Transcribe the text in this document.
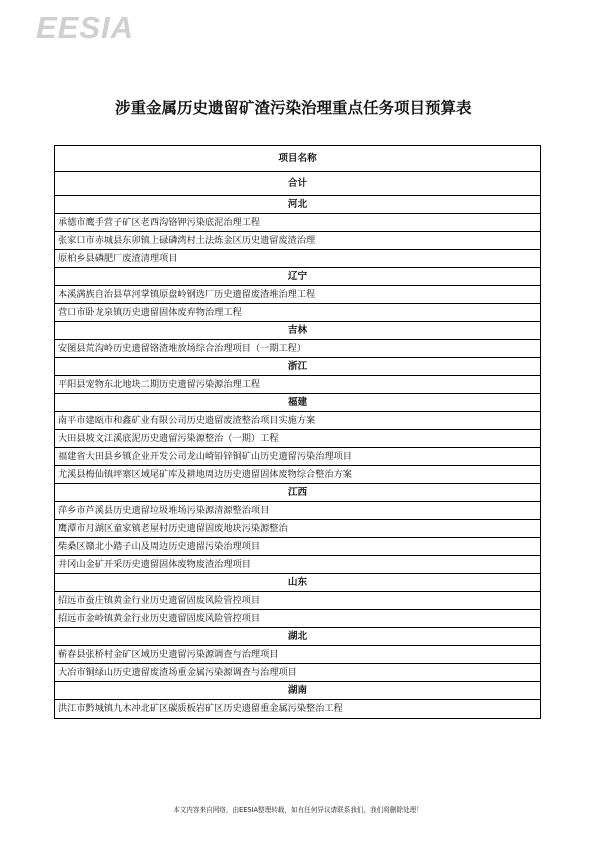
EESIA
涉重金属历史遗留矿渣污染治理重点任务项目预算表
项目名称
合计
河北
承德市鹰手营子矿区老西沟铬钾污染底泥治理工程
张家口市赤城县东卯镇上碌磷湾村土法炼金区历史遗留废渣治理
原柏乡县磷肥厂废渣清理项目
辽宁
本溪满族自治县草河掌镇原盘岭钢选厂历史遗留废渣堆治理工程
营口市卧龙泉镇历史遗留固体废弃物治理工程
吉林
安图县荒沟岭历史遗留铬渣堆放场综合治理项目（一期工程）
浙江
平阳县宠物东北地块二期历史遗留污染源治理工程
福建
南平市建瓯市和鑫矿业有限公司历史遗留废渣整治项目实施方案
大田县坡文江溪底泥历史遗留污染源整治（一期）工程
福建省大田县乡镇企业开发公司龙山崎铅锌铜矿山历史遗留污染治理项目
尤溪县梅仙镇坪寨区域尾矿库及耕地周边历史遗留固体废物综合整治方案
江西
萍乡市芦溪县历史遗留垃圾堆场污染源清源整治项目
鹰潭市月湖区童家镇老屋村历史遗留固废地块污染源整治
柴桑区赣北小踏子山及周边历史遗留污染治理项目
井冈山金矿开采历史遗留固体废物废渣治理项目
山东
招远市蚕庄镇黄金行业历史遗留固废风险管控项目
招远市金岭镇黄金行业历史遗留固废风险管控项目
湖北
蕲春县张桥村金矿区域历史遗留污染源调查与治理项目
大冶市铜绿山历史遗留废渣场重金属污染源调查与治理项目
湖南
洪江市黔城镇九木冲北矿区碳质板岩矿区历史遗留重金属污染整治工程
本文内容来自网络，由EESIA整理转载，如有任何异议请联系我们，我们将删除处理！
